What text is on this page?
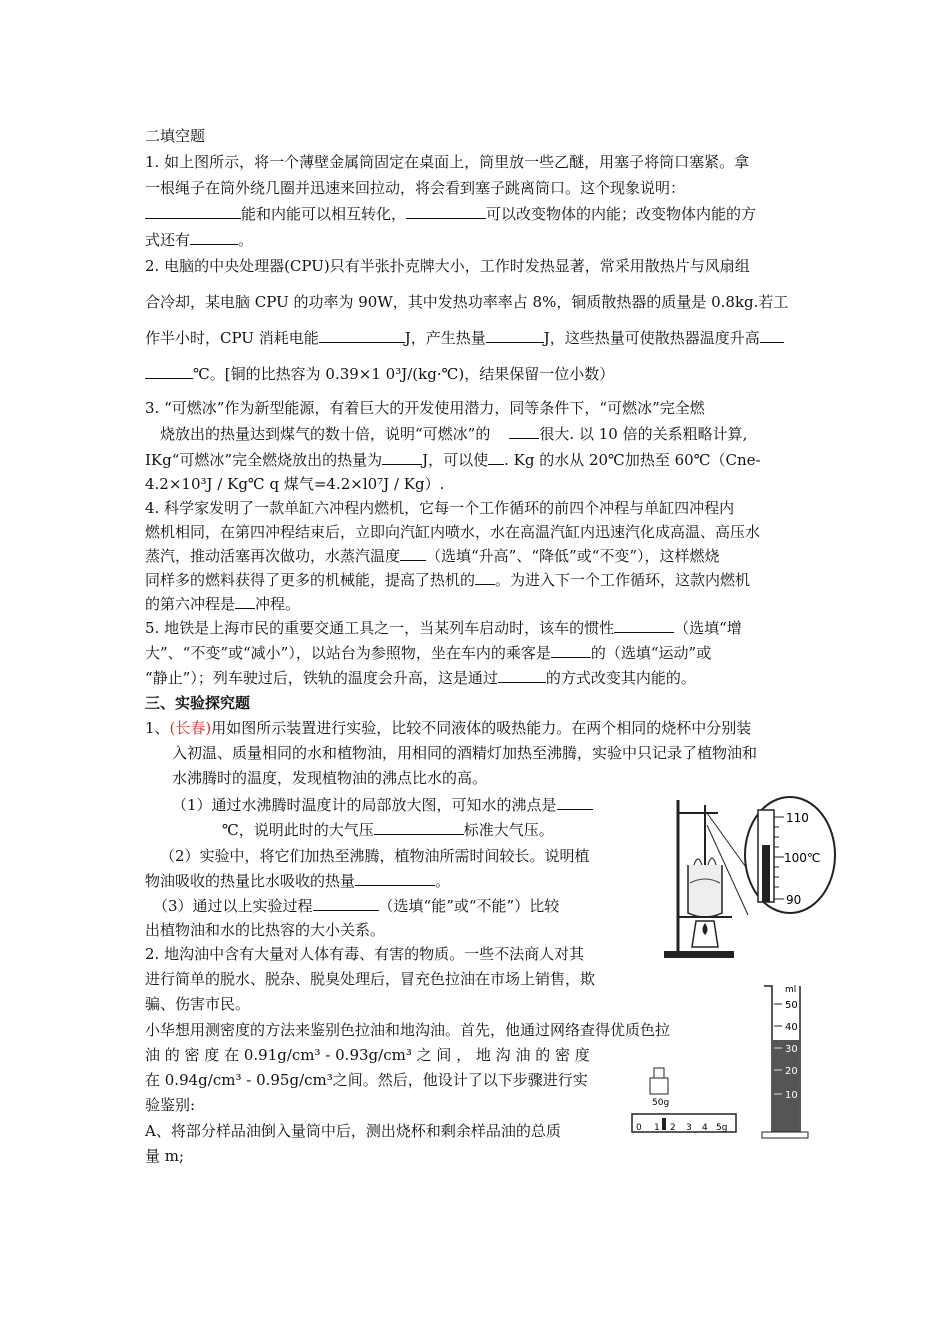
二填空题
1. 如上图所示，将一个薄壁金属筒固定在桌面上，筒里放一些乙醚，用塞子将筒口塞紧。拿
一根绳子在筒外绕几圈并迅速来回拉动，将会看到塞子跳离筒口。这个现象说明：
能和内能可以相互转化，	可以改变物体的内能；改变物体内能的方
式还有	。
2. 电脑的中央处理器(CPU)只有半张扑克牌大小，工作时发热显著，常采用散热片与风扇组
合冷却，某电脑 CPU 的功率为 90W，其中发热功率率占 8%，铜质散热器的质量是 0.8kg.若工
作半小时，CPU 消耗电能	J，产生热量	J，这些热量可使散热器温度升高
℃。[铜的比热容为 0.39×1 0³J/(kg·℃)，结果保留一位小数）
3. “可燃冰”作为新型能源，有着巨大的开发使用潜力，同等条件下，“可燃冰”完全燃
烧放出的热量达到煤气的数十倍，说明“可燃冰”的	很大. 以 10 倍的关系粗略计算,
IKg“可燃冰”完全燃烧放出的热量为	J，可以使 . Kg 的水从 20℃加热至 60℃（Cne-
4.2×10³J / Kg℃ q 煤气=4.2×l0⁷J / Kg）.
4. 科学家发明了一款单缸六冲程内燃机，它每一个工作循环的前四个冲程与单缸四冲程内
燃机相同，在第四冲程结束后，立即向汽缸内喷水，水在高温汽缸内迅速汽化成高温、高压水
蒸汽，推动活塞再次做功，水蒸汽温度 （选填“升高”、“降低”或“不变”），这样燃烧
同样多的燃料获得了更多的机械能，提高了热机的 。为进入下一个工作循环，这款内燃机
的第六冲程是 冲程。
5. 地铁是上海市民的重要交通工具之一，当某列车启动时，该车的惯性	（选填“增
大”、“不变”或“减小”），以站台为参照物，坐在车内的乘客是	的（选填“运动”或
“静止”）；列车驶过后，铁轨的温度会升高，这是通过	的方式改变其内能的。
三、实验探究题
1、(长春)用如图所示装置进行实验，比较不同液体的吸热能力。在两个相同的烧杯中分别装
入初温、质量相同的水和植物油，用相同的酒精灯加热至沸腾，实验中只记录了植物油和
水沸腾时的温度，发现植物油的沸点比水的高。
（1）通过水沸腾时温度计的局部放大图，可知水的沸点是
℃，说明此时的大气压	标准大气压。
（2）实验中，将它们加热至沸腾，植物油所需时间较长。说明植
物油吸收的热量比水吸收的热量	。
（3）通过以上实验过程	（选填“能”或“不能”）比较
出植物油和水的比热容的大小关系。
2. 地沟油中含有大量对人体有毒、有害的物质。一些不法商人对其
进行简单的脱水、脱杂、脱臭处理后，冒充色拉油在市场上销售，欺
骗、伤害市民。
小华想用测密度的方法来鉴别色拉油和地沟油。首先，他通过网络查得优质色拉
油 的 密 度 在 0.91g/cm³ - 0.93g/cm³ 之 间 ， 地 沟 油 的 密 度
在 0.94g/cm³ - 0.95g/cm³之间。然后，他设计了以下步骤进行实
验鉴别:
A、将部分样品油倒入量筒中后，测出烧杯和剩余样品油的总质
量 m;
110
100℃
90
ml
50
40
30
20
10
50g
0 1 2 3 4 5g
